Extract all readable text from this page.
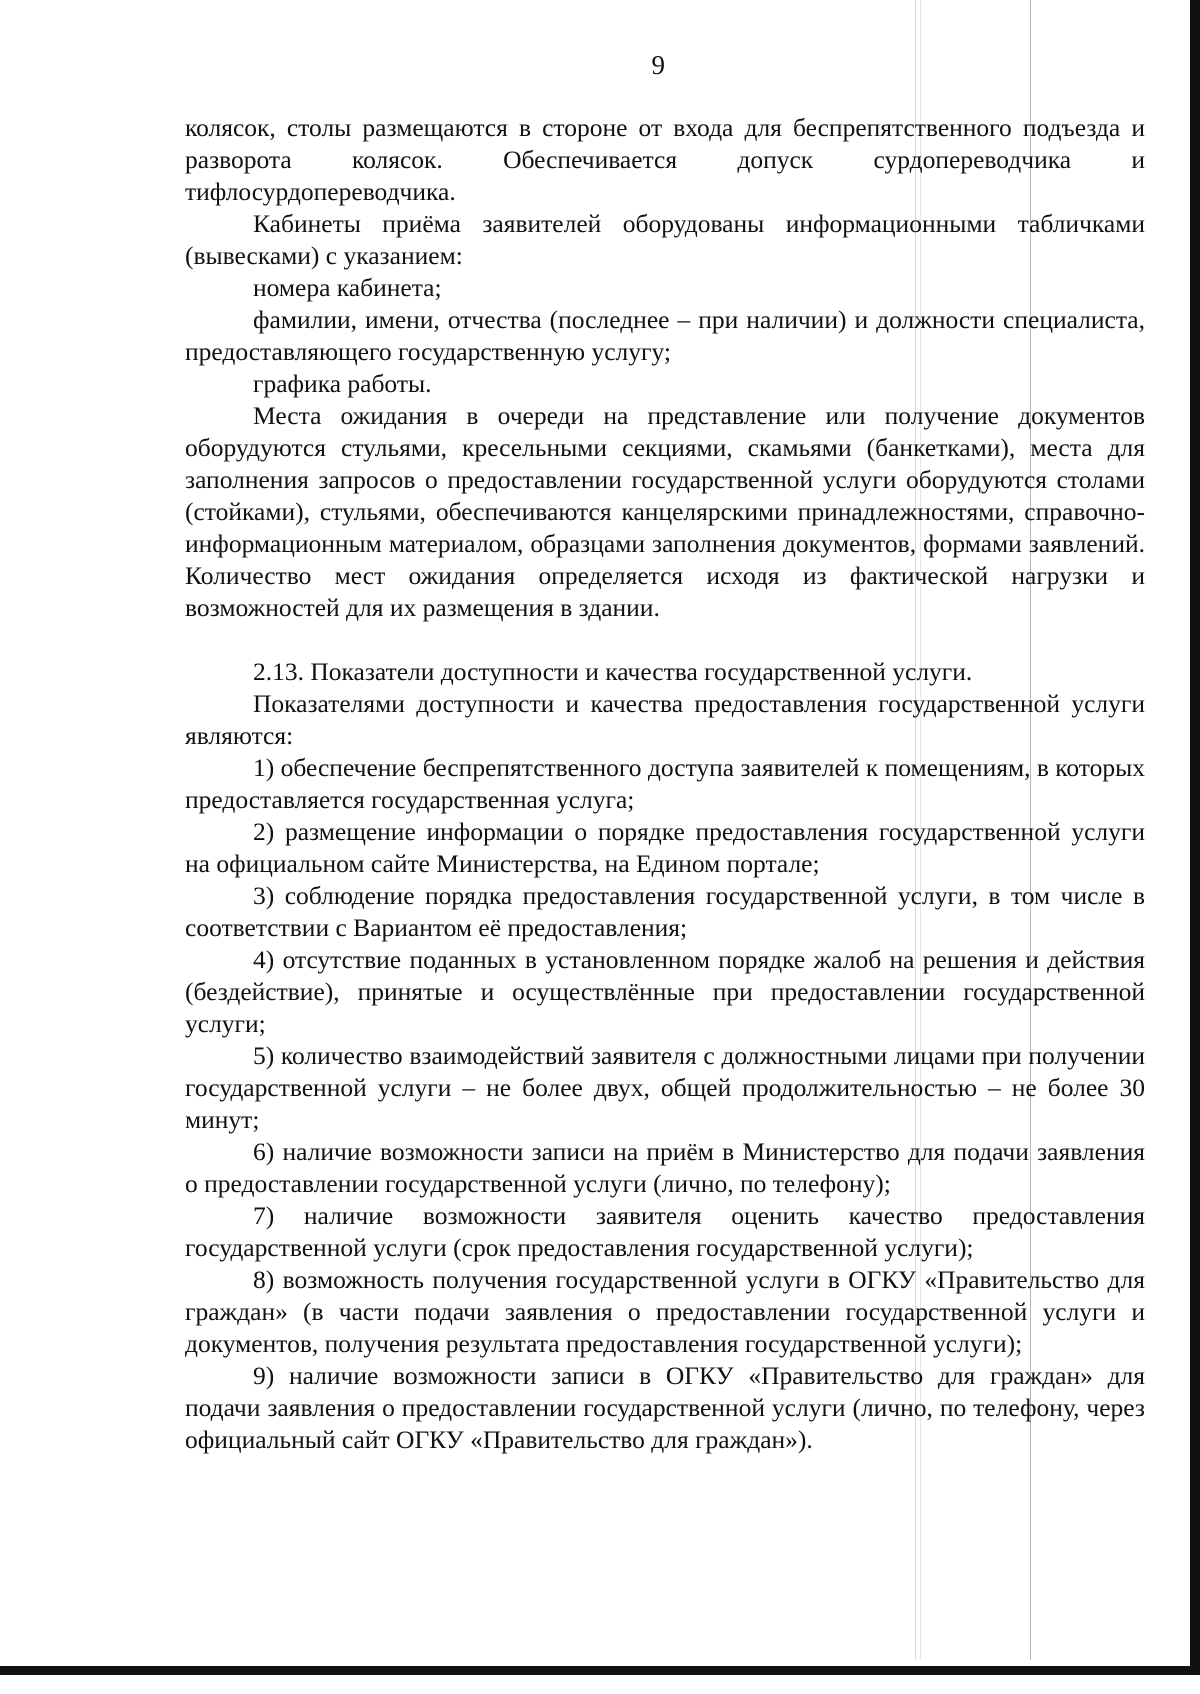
9

колясок, столы размещаются в стороне от входа для беспрепятственного подъезда и разворота колясок. Обеспечивается допуск сурдопереводчика и тифлосурдопереводчика.

Кабинеты приёма заявителей оборудованы информационными табличками (вывесками) с указанием:

номера кабинета;

фамилии, имени, отчества (последнее – при наличии) и должности специалиста, предоставляющего государственную услугу;

графика работы.

Места ожидания в очереди на представление или получение документов оборудуются стульями, кресельными секциями, скамьями (банкетками), места для заполнения запросов о предоставлении государственной услуги оборудуются столами (стойками), стульями, обеспечиваются канцелярскими принадлежностями, справочно-информационным материалом, образцами заполнения документов, формами заявлений. Количество мест ожидания определяется исходя из фактической нагрузки и возможностей для их размещения в здании.

2.13. Показатели доступности и качества государственной услуги.

Показателями доступности и качества предоставления государственной услуги являются:

1) обеспечение беспрепятственного доступа заявителей к помещениям, в которых предоставляется государственная услуга;

2) размещение информации о порядке предоставления государственной услуги на официальном сайте Министерства, на Едином портале;

3) соблюдение порядка предоставления государственной услуги, в том числе в соответствии с Вариантом её предоставления;

4) отсутствие поданных в установленном порядке жалоб на решения и действия (бездействие), принятые и осуществлённые при предоставлении государственной услуги;

5) количество взаимодействий заявителя с должностными лицами при получении государственной услуги – не более двух, общей продолжительностью – не более 30 минут;

6) наличие возможности записи на приём в Министерство для подачи заявления о предоставлении государственной услуги (лично, по телефону);

7) наличие возможности заявителя оценить качество предоставления государственной услуги (срок предоставления государственной услуги);

8) возможность получения государственной услуги в ОГКУ «Правительство для граждан» (в части подачи заявления о предоставлении государственной услуги и документов, получения результата предоставления государственной услуги);

9) наличие возможности записи в ОГКУ «Правительство для граждан» для подачи заявления о предоставлении государственной услуги (лично, по телефону, через официальный сайт ОГКУ «Правительство для граждан»).
